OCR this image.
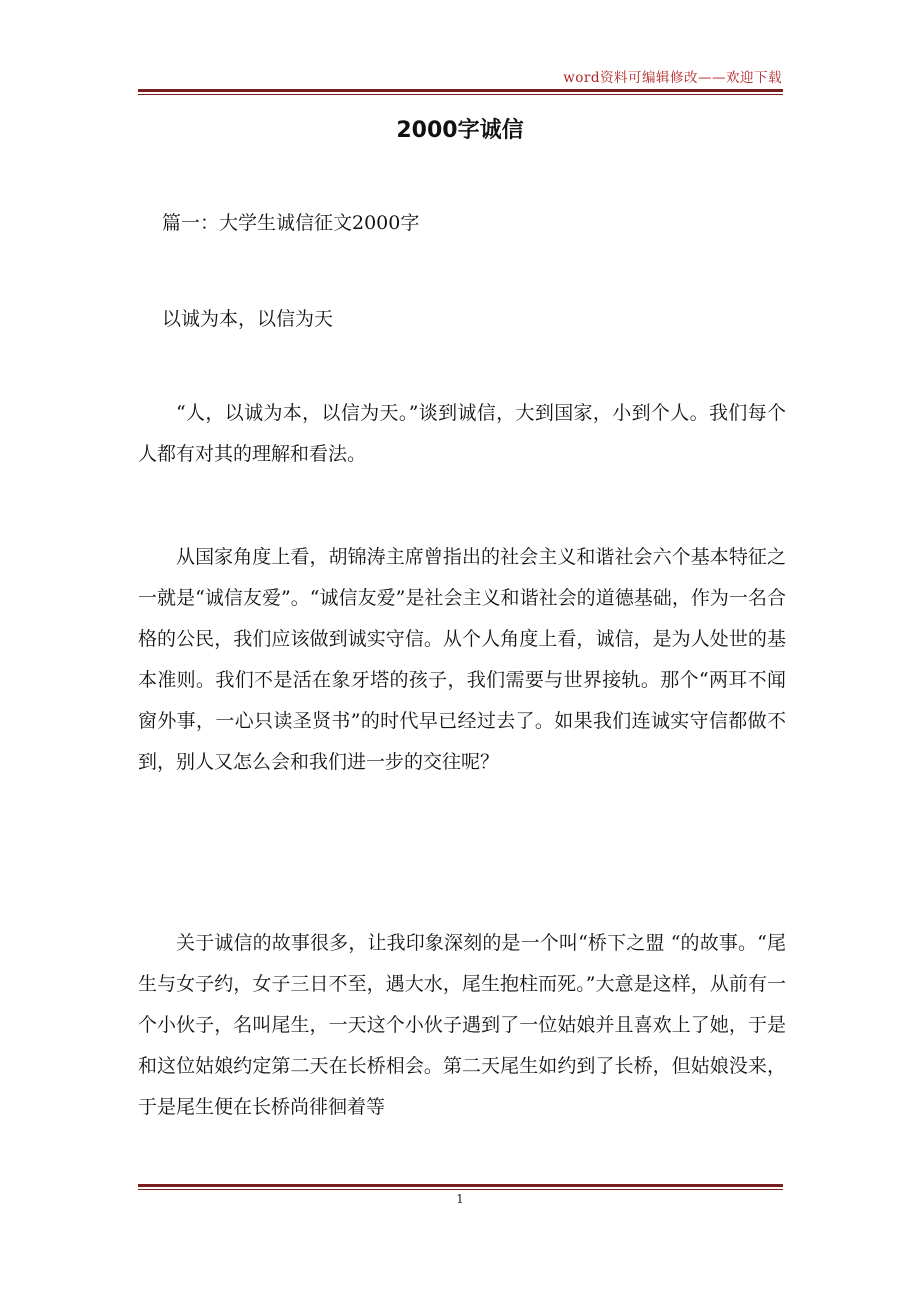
word资料可编辑修改——欢迎下载
2000字诚信

篇一：大学生诚信征文2000字

以诚为本，以信为天

“人，以诚为本，以信为天。”谈到诚信，大到国家，小到个人。我们每个人都有对其的理解和看法。

从国家角度上看，胡锦涛主席曾指出的社会主义和谐社会六个基本特征之一就是“诚信友爱”。“诚信友爱”是社会主义和谐社会的道德基础，作为一名合格的公民，我们应该做到诚实守信。从个人角度上看，诚信，是为人处世的基本准则。我们不是活在象牙塔的孩子，我们需要与世界接轨。那个“两耳不闻窗外事，一心只读圣贤书”的时代早已经过去了。如果我们连诚实守信都做不到，别人又怎么会和我们进一步的交往呢？

关于诚信的故事很多，让我印象深刻的是一个叫“桥下之盟 “的故事。“尾生与女子约，女子三日不至，遇大水，尾生抱柱而死。”大意是这样，从前有一个小伙子，名叫尾生，一天这个小伙子遇到了一位姑娘并且喜欢上了她，于是和这位姑娘约定第二天在长桥相会。第二天尾生如约到了长桥，但姑娘没来，于是尾生便在长桥尚徘徊着等

1
